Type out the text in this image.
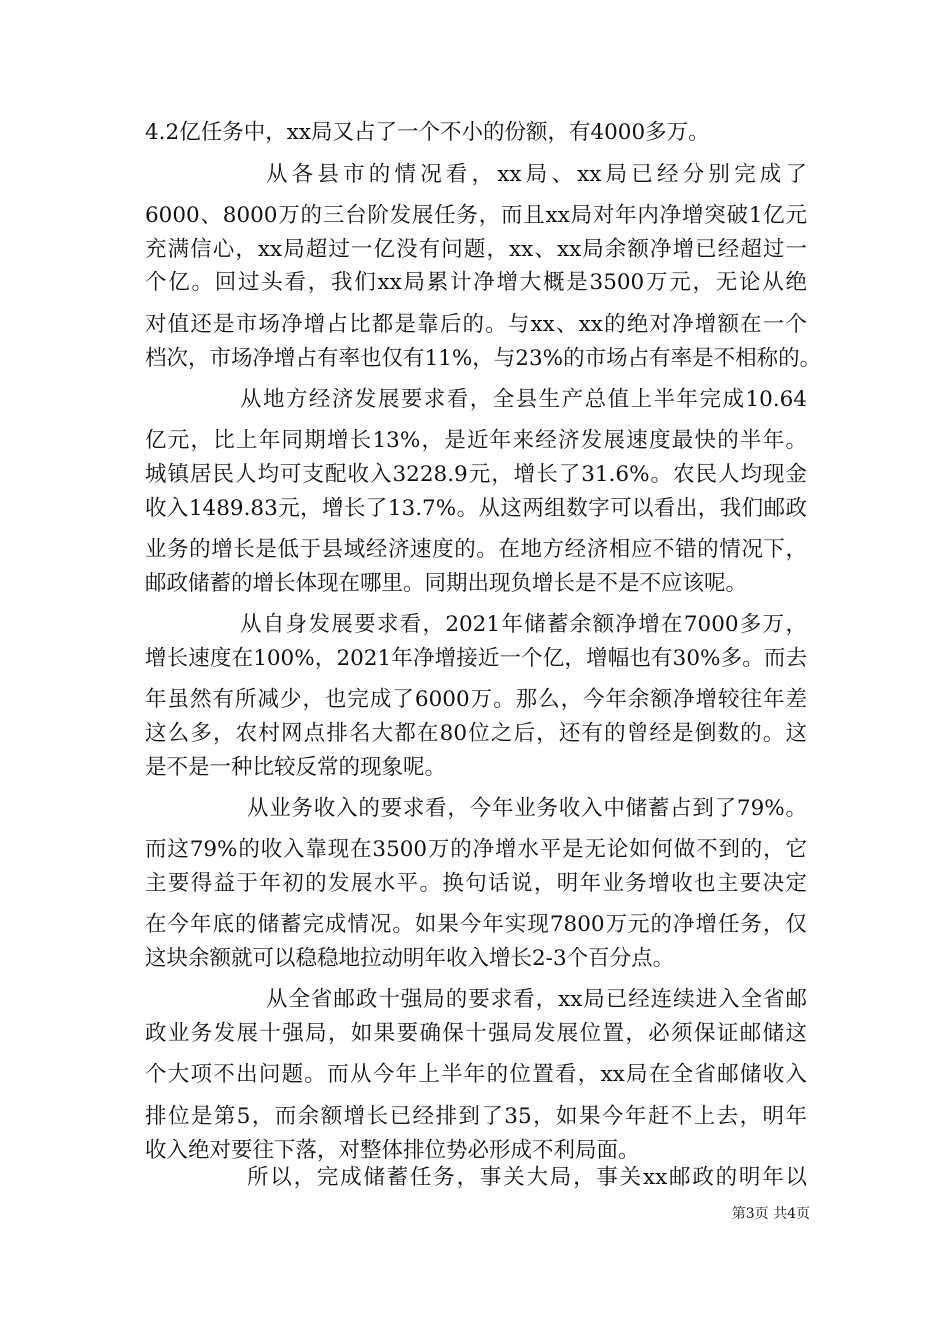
4.2亿任务中，xx局又占了一个不小的份额，有4000多万。
从各县市的情况看，xx局、xx局已经分别完成了
6000、8000万的三台阶发展任务，而且xx局对年内净增突破1亿元
充满信心，xx局超过一亿没有问题，xx、xx局余额净增已经超过一
个亿。回过头看，我们xx局累计净增大概是3500万元，无论从绝
对值还是市场净增占比都是靠后的。与xx、xx的绝对净增额在一个
档次，市场净增占有率也仅有11%，与23%的市场占有率是不相称的。
从地方经济发展要求看，全县生产总值上半年完成10.64
亿元，比上年同期增长13%，是近年来经济发展速度最快的半年。
城镇居民人均可支配收入3228.9元，增长了31.6%。农民人均现金
收入1489.83元，增长了13.7%。从这两组数字可以看出，我们邮政
业务的增长是低于县域经济速度的。在地方经济相应不错的情况下，
邮政储蓄的增长体现在哪里。同期出现负增长是不是不应该呢。
从自身发展要求看，2021年储蓄余额净增在7000多万，
增长速度在100%，2021年净增接近一个亿，增幅也有30%多。而去
年虽然有所减少，也完成了6000万。那么，今年余额净增较往年差
这么多，农村网点排名大都在80位之后，还有的曾经是倒数的。这
是不是一种比较反常的现象呢。
从业务收入的要求看，今年业务收入中储蓄占到了79%。
而这79%的收入靠现在3500万的净增水平是无论如何做不到的，它
主要得益于年初的发展水平。换句话说，明年业务增收也主要决定
在今年底的储蓄完成情况。如果今年实现7800万元的净增任务，仅
这块余额就可以稳稳地拉动明年收入增长2-3个百分点。
从全省邮政十强局的要求看，xx局已经连续进入全省邮
政业务发展十强局，如果要确保十强局发展位置，必须保证邮储这
个大项不出问题。而从今年上半年的位置看，xx局在全省邮储收入
排位是第5，而余额增长已经排到了35，如果今年赶不上去，明年
收入绝对要往下落，对整体排位势必形成不利局面。
所以，完成储蓄任务，事关大局，事关xx邮政的明年以
第3页 共4页
